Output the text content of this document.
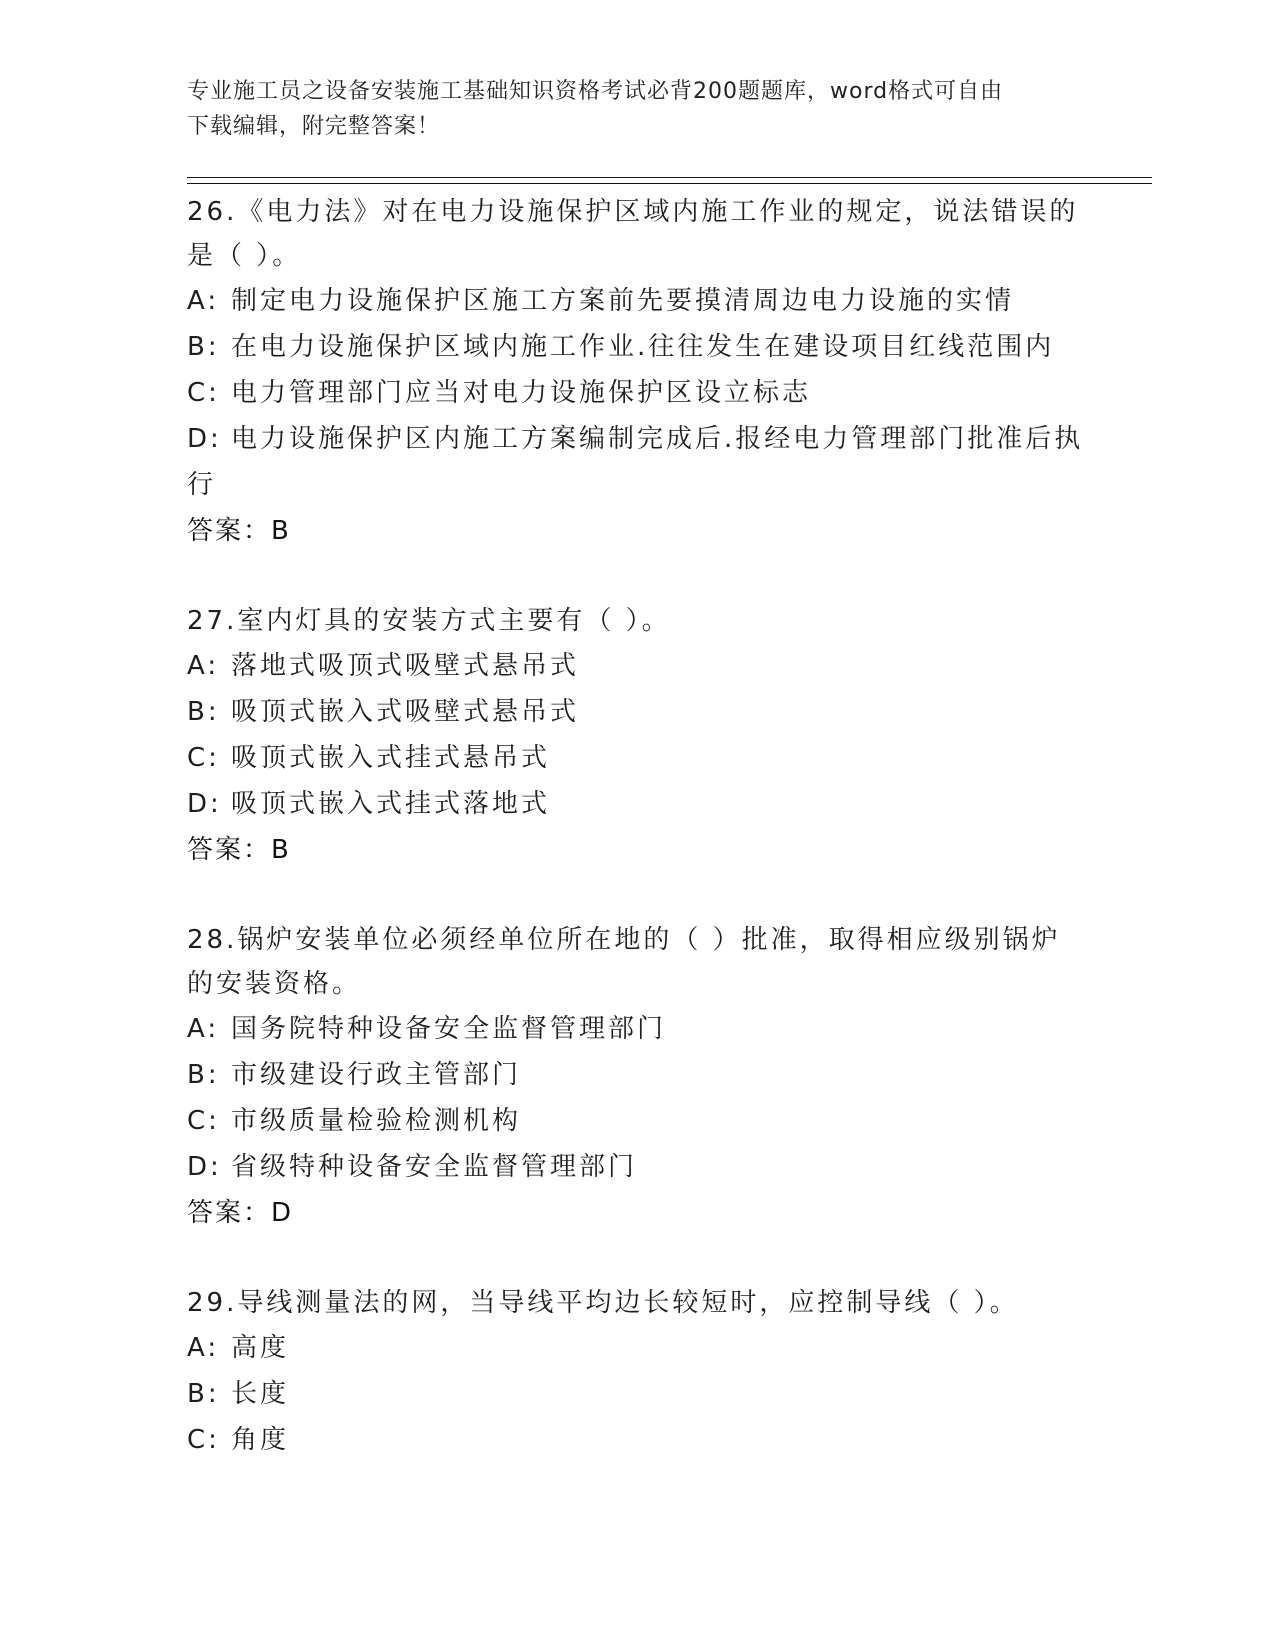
专业施工员之设备安装施工基础知识资格考试必背200题题库，word格式可自由
下载编辑，附完整答案！

26.《电力法》对在电力设施保护区域内施工作业的规定，说法错误的是（ ）。

A: 制定电力设施保护区施工方案前先要摸清周边电力设施的实情

B: 在电力设施保护区域内施工作业.往往发生在建设项目红线范围内

C: 电力管理部门应当对电力设施保护区设立标志

D: 电力设施保护区内施工方案编制完成后.报经电力管理部门批准后执行

答案：B

27.室内灯具的安装方式主要有（ ）。

A: 落地式吸顶式吸壁式悬吊式

B: 吸顶式嵌入式吸壁式悬吊式

C: 吸顶式嵌入式挂式悬吊式

D: 吸顶式嵌入式挂式落地式

答案：B

28.锅炉安装单位必须经单位所在地的（ ）批准，取得相应级别锅炉的安装资格。

A: 国务院特种设备安全监督管理部门

B: 市级建设行政主管部门

C: 市级质量检验检测机构

D: 省级特种设备安全监督管理部门

答案：D

29.导线测量法的网，当导线平均边长较短时，应控制导线（ ）。

A: 高度

B: 长度

C: 角度
